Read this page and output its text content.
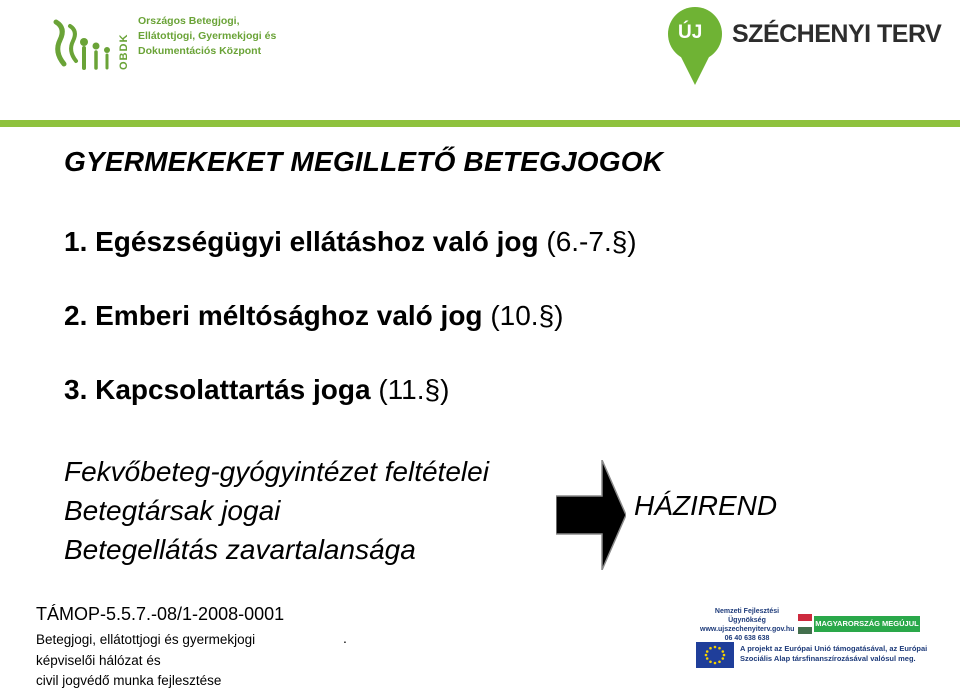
OBDK
Országos Betegjogi,
Ellátottjogi, Gyermekjogi és
Dokumentációs Központ
ÚJ SZÉCHENYI TERV
GYERMEKEKET MEGILLETŐ BETEGJOGOK
1. Egészségügyi ellátáshoz való jog (6.-7.§)
2. Emberi méltósághoz való jog (10.§)
3. Kapcsolattartás joga (11.§)
Fekvőbeteg-gyógyintézet feltételei
Betegtársak jogai
Betegellátás zavartalansága
HÁZIREND
TÁMOP-5.5.7.-08/1-2008-0001
Betegjogi, ellátottjogi és gyermekjogi
képviselői hálózat és
civil jogvédő munka fejlesztése
.
Nemzeti Fejlesztési Ügynökség
www.ujszechenyiterv.gov.hu
06 40 638 638
MAGYARORSZÁG MEGÚJUL
A projekt az Európai Unió támogatásával, az Európai
Szociális Alap társfinanszírozásával valósul meg.
